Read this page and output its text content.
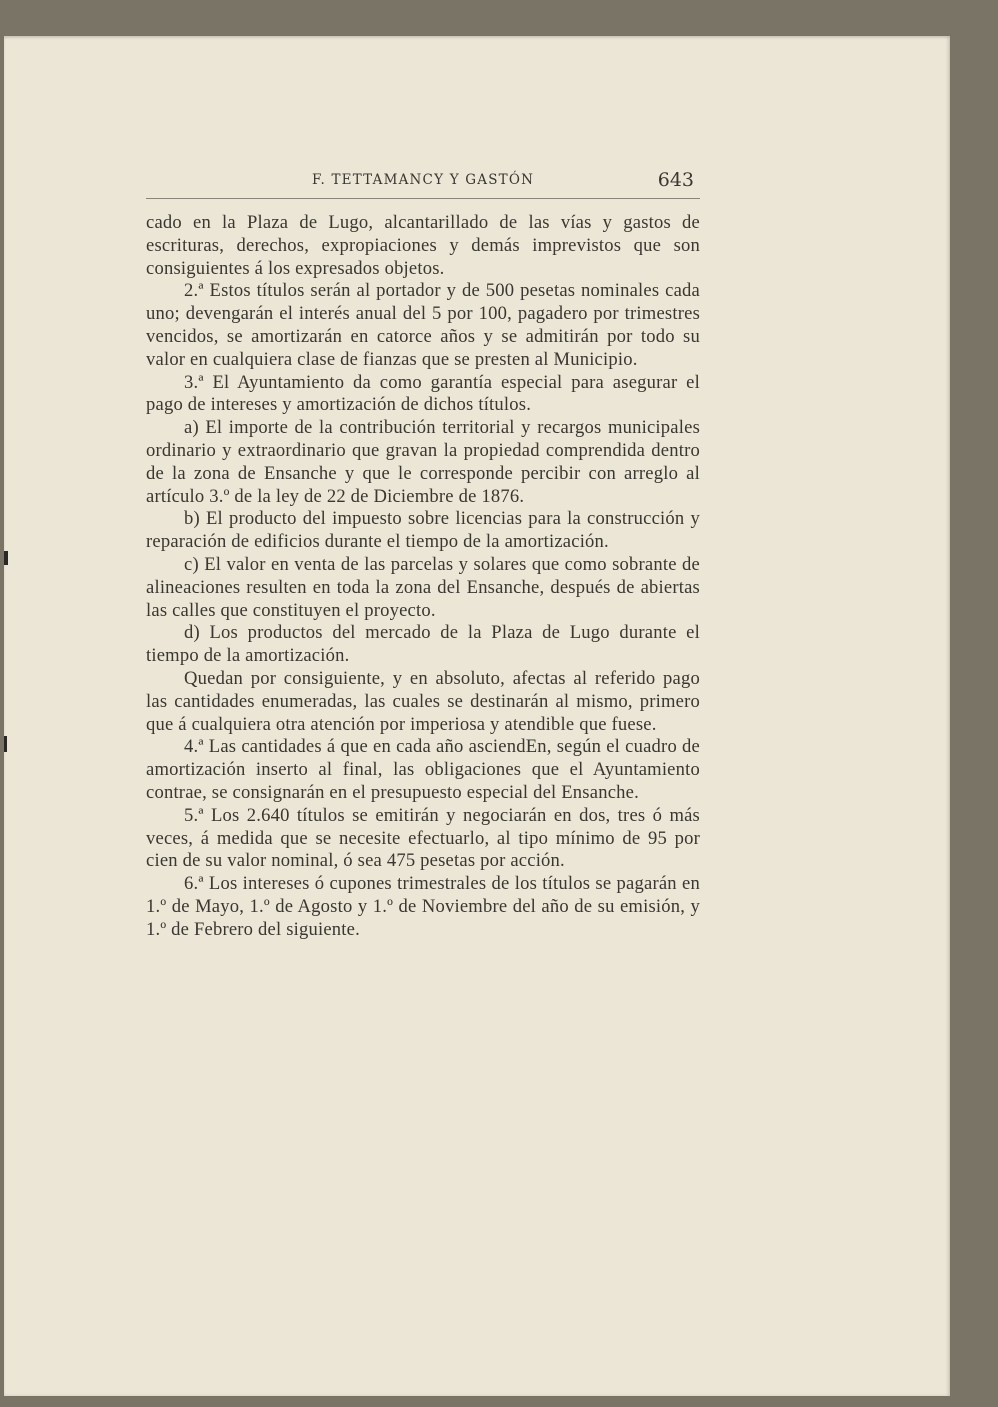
F. TETTAMANCY Y GASTÓN	643

cado en la Plaza de Lugo, alcantarillado de las vías y gastos de escrituras, derechos, expropiaciones y demás imprevistos que son consiguientes á los expresados objetos.

2.ª Estos títulos serán al portador y de 500 pesetas nominales cada uno; devengarán el interés anual del 5 por 100, pagadero por trimestres vencidos, se amortizarán en catorce años y se admitirán por todo su valor en cualquiera clase de fianzas que se presten al Municipio.

3.ª El Ayuntamiento da como garantía especial para asegurar el pago de intereses y amortización de dichos títulos.

a) El importe de la contribución territorial y recargos municipales ordinario y extraordinario que gravan la propiedad comprendida dentro de la zona de Ensanche y que le corresponde percibir con arreglo al artículo 3.º de la ley de 22 de Diciembre de 1876.

b) El producto del impuesto sobre licencias para la construcción y reparación de edificios durante el tiempo de la amortización.

c) El valor en venta de las parcelas y solares que como sobrante de alineaciones resulten en toda la zona del Ensanche, después de abiertas las calles que constituyen el proyecto.

d) Los productos del mercado de la Plaza de Lugo durante el tiempo de la amortización.

Quedan por consiguiente, y en absoluto, afectas al referido pago las cantidades enumeradas, las cuales se destinarán al mismo, primero que á cualquiera otra atención por imperiosa y atendible que fuese.

4.ª Las cantidades á que en cada año asciendEn, según el cuadro de amortización inserto al final, las obligaciones que el Ayuntamiento contrae, se consignarán en el presupuesto especial del Ensanche.

5.ª Los 2.640 títulos se emitirán y negociarán en dos, tres ó más veces, á medida que se necesite efectuarlo, al tipo mínimo de 95 por cien de su valor nominal, ó sea 475 pesetas por acción.

6.ª Los intereses ó cupones trimestrales de los títulos se pagarán en 1.º de Mayo, 1.º de Agosto y 1.º de Noviembre del año de su emisión, y 1.º de Febrero del siguiente.
